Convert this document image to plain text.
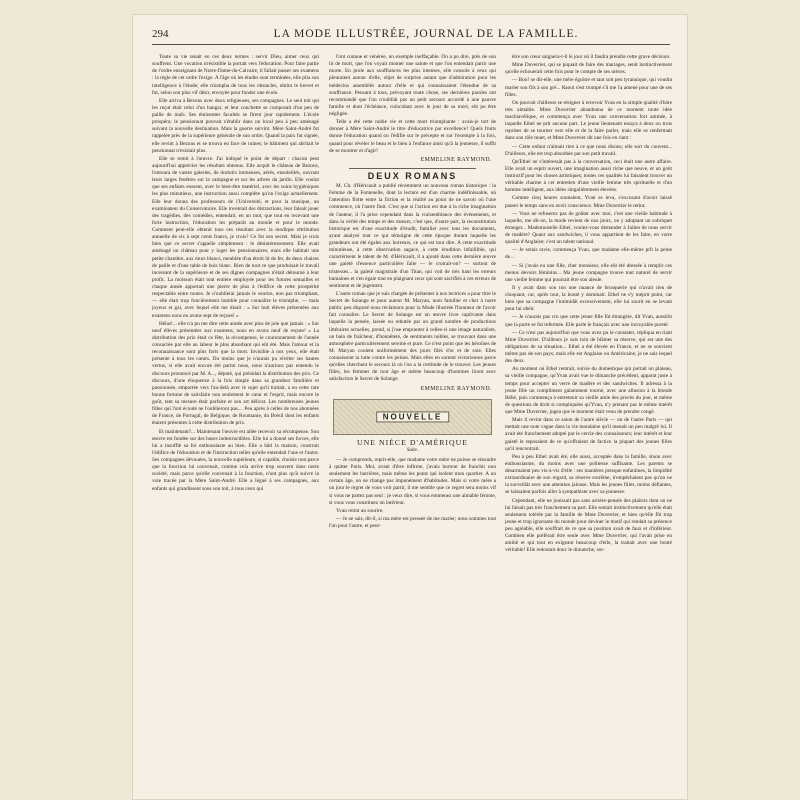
294	LA MODE ILLUSTRÉE, JOURNAL DE LA FAMILLE.

Toute sa vie tenait en ces deux termes : servir Dieu, aimer ceux qui souffrent. Une vocation irrésistible la portait vers l'éducation. Pour faire partie de l'ordre enseignant de Notre-Dame-du-Calvaire, il fallait passer ses examens : la règle de cet ordre l'exige. A l'âge où les études sont terminées, elle plia son intelligence à l'étude; elle triompha de tous les obstacles, obtint le brevet et fut, selon son plus vif désir, envoyée pour fonder une école.

Elle arriva à Bezons avec deux religieuses, ses compagnes. Le seul toit qui les reçut était celui d'un hangar, et leur couchette se composait d'un peu de paille de maïs. Ses éminentes facultés se firent jour rapidement. L'école prospéra; le pensionnat pouvait s'établir dans un local peu à peu aménagé suivant la nouvelle destination. Mais la guerre survint. Mère Saint-André fut rappelée près de la supérieure générale de son ordre. Quand la paix fut signée, elle revint à Bezons et se trouva en face de ruines; le bâtiment qui abritait le pensionnat n'existait plus.

Elle se remit à l'œuvre. J'ai indiqué le point de départ : chacun peut aujourd'hui apprécier les résultats obtenus. Elle acquit le château de Bezons, l'entoura de vastes galeries, de dortoirs immenses, aérés, ensoleillés, ouvrant leurs larges fenêtres sur la campagne et sur les arbres du jardin. Elle voulut que ses enfants eussent, avec le bien-être matériel, avec les soins hygiéniques les plus minutieux, une instruction aussi complète qu'on l'exige actuellement. Elle leur donna des professeurs de l'Université, et pour la musique, un examinateur du Conservatoire. Elle inventait des distractions, leur faisait jouer des tragédies, des comédies, entendait, en un mot, que tout en recevant une forte instruction, l'éducation les préparât au monde et pour le monde. Comment peut-elle obtenir tous ces résultats avec la modique rétribution annuelle de six à sept cents francs, je crois? Ce fut son secret. Mais je crois bien que ce secret s'appelle simplement : le désintéressement. Elle avait aménagé un château pour y loger les pensionnaires; mais elle habitait une petite chambre, aux murs blancs, meublée d'un étroit lit de fer, de deux chaises de paille et d'une table de bois blanc. Rien de tout ce que produisait le travail incessant de la supérieure et de ses dignes compagnes n'était détourné à leur profit. La moisson était tout entière employée pour les futures semailles et chaque année apportait une pierre de plus à l'édifice de cette prospérité respectable entre toutes. Je n'oublierai jamais le sourire, non pas triomphant, — elle était trop foncièrement humble pour connaître le triomphe, — mais joyeux et gai, avec lequel elle me disait : « Sur huit élèves présentées aux examens nous en avons sept de reçues! »

Hélas!... elle n'a pu me dire cette année avec plus de joie que jamais : « Sur neuf élèves présentées aux examens, nous en avons neuf de reçues! » La distribution des prix était ce fête, la récompense, le couronnement de l'année consacrée par elle au labeur le plus absorbant qui eût été. Mais l'amour et la reconnaissance sont plus forts que la mort. Invisible à nos yeux, elle était présente à tous les cœurs. Du moins que je n'aurais pu révéler ses hautes vertus, si elle avait encore été parmi nous, nous n'aurions pas entendu le discours prononcé par M. A..., député, qui présidait la distribution des prix. Ce discours, d'une éloquence à la fois simple dans sa grandeur familière et passionnée, emportée vers l'au-delà avec le sujet qu'il traitait, a eu cette rare bonne fortune de satisfaire non seulement le cœur et l'esprit, mais encore le goût, tant sa mesure était parfaite et son art délicat. Les nombreuses jeunes filles qui l'ont écouté ne l'oublieront pas.... Peu après à celles de nos abonnées de France, de Portugal, de Belgique, de Roumanie, du Brésil dont les enfants étaient présentes à cette distribution de prix.

Et maintenant?... Maintenant l'œuvre est allée recevoir sa récompense. Son œuvre est fondée sur des bases indestructibles. Elle lui a donné ses forces, elle lui a insufflé sa foi enthousiaste au bien. Elle a bâti la maison, construit l'édifice de l'éducation et de l'instruction telles qu'elle entendait l'une et l'autre. Ses compagnes dévouées, la nouvelle supérieure, si capable, choisie non parce que la fonction lui convenait, comme cela arrive trop souvent dans notre société, mais parce qu'elle convenait à la fonction, n'ont plus qu'à suivre la voie tracée par la Mère Saint-André. Elle a légué à ses compagnes, aux enfants qui grandissent sous son toit, à tous ceux qui

l'ont connue et vénérée, un exemple ineffaçable. On a pu dire, près de son lit de mort, que l'on voyait monter une sainte et que l'on entendait partir une morte. En proie aux souffrances les plus intenses, elle console à ceux qui pleuraient autour d'elle, objet de surprise autant que d'admiration pour les médecins assemblés autour d'elle et qui connaissaient l'étendue de sa souffrance. Pensant à tous, prévoyant toute chose, ses dernières paroles ont recommandé que l'on n'oubliât pas un petit secours accordé à une pauvre famille et dont l'échéance, coïncidant avec le jour de sa mort, eût pu être négligée.

Telle a été cette noble vie et cette mort triomphante : avais-je tort de donner à Mère Saint-André le titre d'éducatrice par excellence? Quels fruits donne l'éducation quand on l'édifie sur le précepte et sur l'exemple à la fois, quand pour révéler le beau et le bien à l'enfance ainsi qu'à la jeunesse, il suffit de se montrer et d'agir!

EMMELINE RAYMOND.
DEUX ROMANS

M. Ch. d'Héricault a publié récemment un nouveau roman historique : la Femme de la Fontenelle, dont la lecture est d'un charme indéfinissable, où l'attention flotte entre la fiction et la réalité au point de ne savoir où l'une commence, où l'autre finit. C'est que si l'action est due à la riche imagination de l'auteur, il l'a prise cependant dans la vraisemblance des événements, et dans la vérité des temps et des mœurs; c'est que, d'autre part, la reconstitution historique est d'une exactitude d'érudit, familier avec tous les documents, ayant analysé tout ce qui témoigne de cette époque durant laquelle les grandeurs ont été égales aux horreurs, ce qui est tout dire. A cette exactitude minutieuse, à cette observation sagace, à cette érudition infaillible, qui caractérisent le talent de M. d'Héricault, il a ajouté dans cette dernière œuvre une gaieté d'essence particulière faite — le croirait-on? — surtout de tristesses... la gaieté magistrale d'un Titan, qui voit de très haut les erreurs humaines et s'en égaie tout en plaignant ceux qui sont sacrifiés à ces erreurs de sentiment et de jugement.

L'autre roman que je suis chargée de présenter à nos lectrices a pour titre le Secret de Solange et pour auteur M. Maryan, nom familier et cher à notre public peu disposé nous réclamons pour la Mode illustrée l'honneur de l'avoir fait connaître. Le Secret de Solange est un œuvre livre captivante dans laquelle la pensée, lassée ou rebutée par un grand nombre de productions littéraires actuelles, prend, si j'ose emprunter à celles-ci une image naturaliste, un bain de fraîcheur, d'honnêteté, de sentiments nobles, se trouvant dans une atmosphère particulièrement sereine et pure. Ce n'est point que les héroïnes de M. Maryan coulent uniformément des jours filés d'or et de soie. Elles connaissent la lutte contre les peines. Mais elles en sortent victorieuses parce qu'elles cherchent le secours là où l'on a la certitude de le trouver. Les jeunes filles, les femmes de tout âge et même beaucoup d'hommes liront avec satisfaction le Secret de Solange.

EMMELINE RAYMOND.
NOUVELLE
UNE NIÈCE D'AMÉRIQUE
Suite.

— Je comprends, reprit-elle, que madame votre mère ne puisse se résoudre à quitter Paris. Moi, avant d'être infirme, j'avais horreur de franchir non seulement les barrières, mais même les ponts qui isolent mon quartier. A un certain âge, on ne change pas impunément d'habitudes. Mais si votre mère a un jour le regret de vous voir partir, il me semble que ce regret sera moins vif si vous ne partez pas seul : je veux dire, si vous emmenez une aimable femme, si vous vous constituez un intérieur.

Yvan retint un sourire.

— Je ne sais, dit-il, si ma mère est pressée de me marier; nous sommes tout l'un pour l'autre, et peut-

être son cœur saignera-t-il le jour où il faudra prendre cette grave décision.

Mme Duverrier, qui se piquait de faire des mariages, senit instinctivement qu'elle échouerait cette fois pour le compte de ses nièces.

— Bon! se dit-elle, une mère égoïste et tant soit peu tyrannique, qui voudra marier son fils à son gré... Raoul s'est trompé s'il me l'a amené pour une de ses filles.

On pouvait d'ailleurs se résigner à recevoir Yvan en la simple qualité d'hôte très aimable. Mme Duverrier abandonna de ce moment toute idée machiavélique, et commença avec Yvan une conversation fort animée, à laquelle Ethel ne prit aucune part. Le jeune lieutenant essaya à deux ou trois reprises de se tourner vers elle et de la faire parler, mais elle se renfermait dans son rôle muet, et Mme Duverrier dit une fois en riant :

— Cette enfant n'aimait rien à ce que nous disons; elle sort du couvent... D'ailleurs, elle est trop absorbée par son petit travail.

Qu'Ethel ne s'intéressât pas à la conversation, ceci était une autre affaire. Elle avait un esprit ouvert, une imagination aussi riche que neuve, et un goût instinctif pour les choses artistiques; toutes ces qualités lui faisaient trouver un véritable charme à cet entretien d'une vieille femme très spirituelle et d'un homme intelligent, aux idées singulièrement élevées.

Comme cinq heures sonnaient, Yvan se leva, s'excusant d'avoir laissé passer le temps sans en avoir conscience. Mme Duverrier le retint.

— Vous ne refuserez pas de goûter avec moi, c'est une vieille habitude à laquelle, me dit-on, la mode revient de nos jours, on y adoptant un sobriquet étranger... Mademoiselle Ethel, voulez-vous demander à Julien de nous servir de madère? Quant aux sandwiches, il vous appartient de les faire, en votre qualité d'Anglaise; c'est un talent national.

— Je serais ravie, commença Yvan, que madame elle-même prît la peine de...

— Si j'avais eu une fille, cher monsieur, elle eût été dressée à remplir ces menus devoirs féminins... Ma jeune compagne trouve tout naturel de servir une vieille femme qui pourrait être son aïeule.

Il y avait dans son ton une nuance de brusquerie qui n'avait rien de choquant, car, après tout, la bonté y dominait. Ethel ne s'y méprit point, car bien que sa compagne l'intimidât excessivement, elle lui sourit en se levant pour lui obéir.

— Je n'aurais pas cru que cette jeune fille fût étrangère, dit Yvan, aussitôt que la porte se fut refermée. Elle parle le français avec une incroyable pureté.

— Ce n'est pas aujourd'hui que vous avez pu le constater, répliqua en riant Mme Duverrier. D'ailleurs je suis loin de blâmer sa réserve, qui est une des obligations de sa situation... Ethel a été élevée en France, et ne se souvient même pas de son pays; mais elle est Anglaise ou Américaine, je ne sais lequel des deux.

Au moment où Ethel rentrait, suivie du domestique qui portait un plateau, sa vieille compagne, qu'Yvan avait vue le dimanche précédent, apparut juste à temps pour accepter un verre de madère et des sandwiches. Il adressa à la jeune fille un compliment galamment tourné, avec une allusion à la blonde Bébé, puis commença à entretenir sa vieille amie des procès du jour, et même de questions de droit si compliquées qu'Yvan, n'y prenant pas le même intérêt que Mme Duverrier, jugea que le moment était venu de prendre congé.

Mais il revint dans ce salon de l'autre siècle — on de l'autre Paris — qui mettait une note vague dans la vie mondaine qu'il menait un peu malgré lui. Il avait été franchement adopté par le cercle des connaisseurs; leur intérêt et leur gaieté le reposaient de ce qu'offraient de factice la plupart des jeunes filles qu'il rencontrait.

Peu à peu Ethel avait été, elle aussi, acceptée dans la famille, sinon avec enthousiasme, du moins avec une politesse suffisante. Les parents se désarmaient peu vis-à-vis d'elle : ses manières presque enfantines, la limpidité extraordinaire de son regard, sa réserve extrême, n'empêchaient pas qu'on ne la surveillât avec une attention jalouse. Mais les jeunes filles, moins défiantes, se laissaient parfois aller à sympathiser avec sa jeunesse.

Cependant, elle ne jouissait pas sans arrière-pensée des plaisirs dont on ne lui faisait pas très franchement sa part. Elle sentait instinctivement qu'elle était seulement tolérée par la famille de Mme Duverrier, et bien qu'elle fût trop jeune et trop ignorante du monde pour deviner le motif qui rendait sa présence peu agréable, elle souffrait de ce que sa position avait de faux et d'inférieur. Combien elle préférait être seule avec Mme Duverrier, qui l'avait prise en amitié et qui tout en exigeant beaucoup d'elle, la traitait avec une bonté véritable! Elle redoutait donc le dimanche, sur-
